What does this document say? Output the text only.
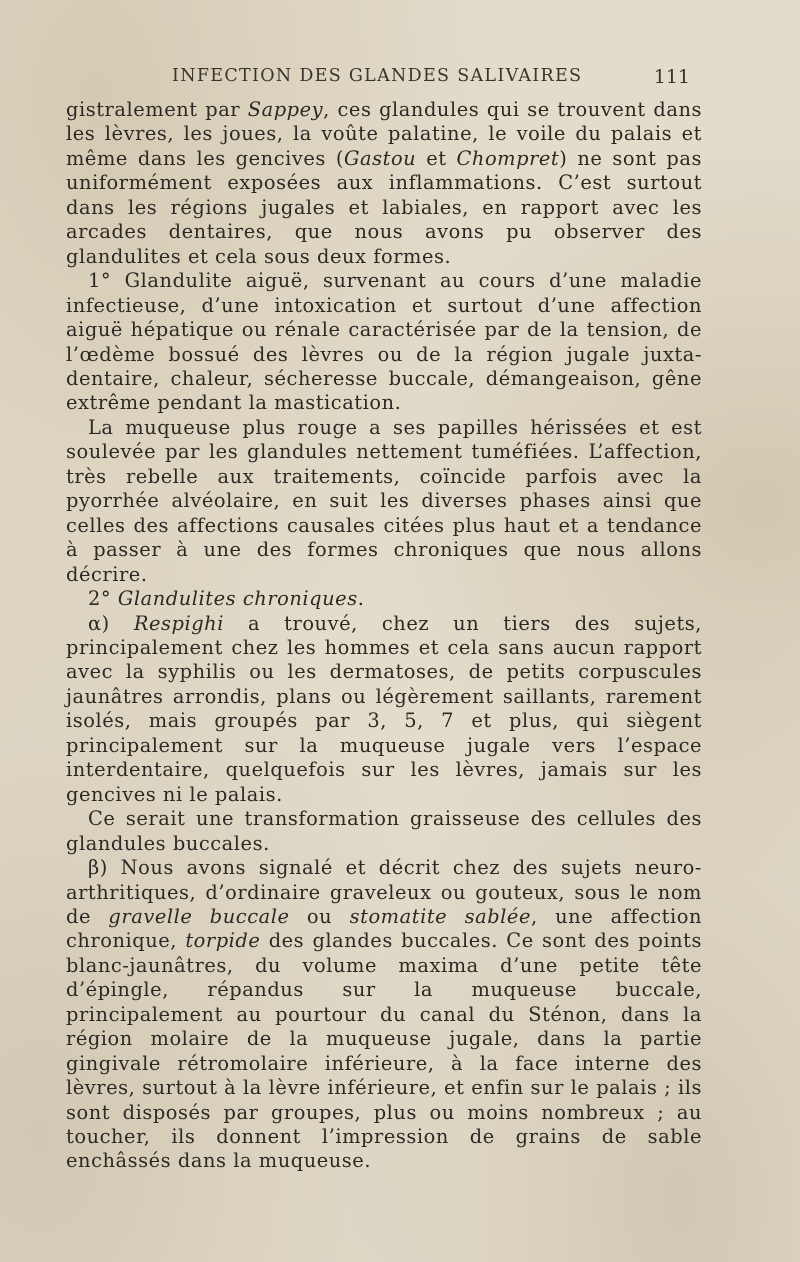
INFECTION DES GLANDES SALIVAIRES	111

gistralement par Sappey, ces glandules qui se trouvent dans les lèvres, les joues, la voûte palatine, le voile du palais et même dans les gencives (Gastou et Chompret) ne sont pas uniformément exposées aux inflammations. C’est surtout dans les régions jugales et labiales, en rapport avec les arcades dentaires, que nous avons pu observer des glandulites et cela sous deux formes.

1° Glandulite aiguë, survenant au cours d’une maladie infectieuse, d’une intoxication et surtout d’une affection aiguë hépatique ou rénale caractérisée par de la tension, de l’œdème bossué des lèvres ou de la région jugale juxta-dentaire, chaleur, sécheresse buccale, démangeaison, gêne extrême pendant la mastication.

La muqueuse plus rouge a ses papilles hérissées et est soulevée par les glandules nettement tuméfiées. L’affection, très rebelle aux traitements, coïncide parfois avec la pyorrhée alvéolaire, en suit les diverses phases ainsi que celles des affections causales citées plus haut et a tendance à passer à une des formes chroniques que nous allons décrire.

2° Glandulites chroniques.

α) Respighi a trouvé, chez un tiers des sujets, principalement chez les hommes et cela sans aucun rapport avec la syphilis ou les dermatoses, de petits corpuscules jaunâtres arrondis, plans ou légèrement saillants, rarement isolés, mais groupés par 3, 5, 7 et plus, qui siègent principalement sur la muqueuse jugale vers l’espace interdentaire, quelquefois sur les lèvres, jamais sur les gencives ni le palais.

Ce serait une transformation graisseuse des cellules des glandules buccales.

β) Nous avons signalé et décrit chez des sujets neuro-arthritiques, d’ordinaire graveleux ou gouteux, sous le nom de gravelle buccale ou stomatite sablée, une affection chronique, torpide des glandes buccales. Ce sont des points blanc-jaunâtres, du volume maxima d’une petite tête d’épingle, répandus sur la muqueuse buccale, principalement au pourtour du canal du Sténon, dans la région molaire de la muqueuse jugale, dans la partie gingivale rétromolaire inférieure, à la face interne des lèvres, surtout à la lèvre inférieure, et enfin sur le palais ; ils sont disposés par groupes, plus ou moins nombreux ; au toucher, ils donnent l’impression de grains de sable enchâssés dans la muqueuse.
